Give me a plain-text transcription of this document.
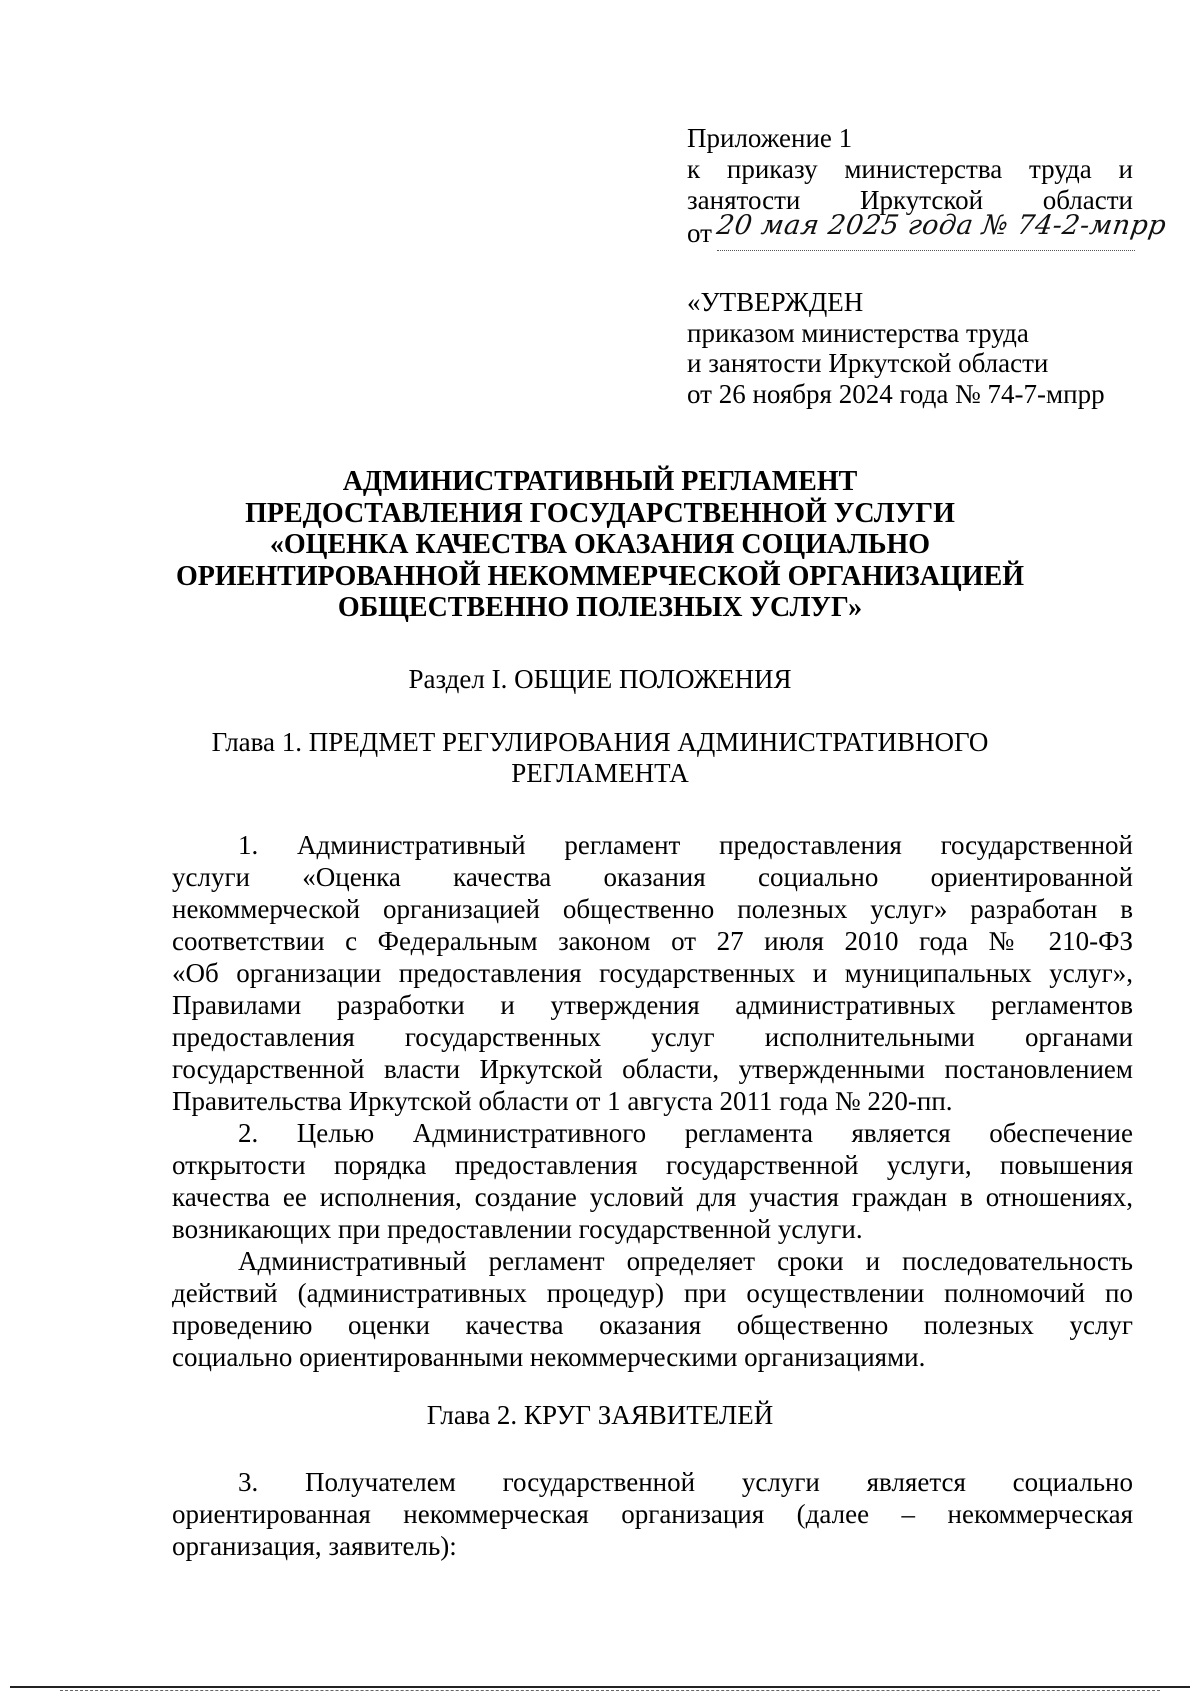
Приложение 1
к приказу министерства труда и
занятости Иркутской области
от 20 мая 2025 года № 74-2-мпрр
«УТВЕРЖДЕН
приказом министерства труда
и занятости Иркутской области
от 26 ноября 2024 года № 74-7-мпрр
АДМИНИСТРАТИВНЫЙ РЕГЛАМЕНТ
ПРЕДОСТАВЛЕНИЯ ГОСУДАРСТВЕННОЙ УСЛУГИ
«ОЦЕНКА КАЧЕСТВА ОКАЗАНИЯ СОЦИАЛЬНО
ОРИЕНТИРОВАННОЙ НЕКОММЕРЧЕСКОЙ ОРГАНИЗАЦИЕЙ
ОБЩЕСТВЕННО ПОЛЕЗНЫХ УСЛУГ»
Раздел I. ОБЩИЕ ПОЛОЖЕНИЯ
Глава 1. ПРЕДМЕТ РЕГУЛИРОВАНИЯ АДМИНИСТРАТИВНОГО
РЕГЛАМЕНТА
1. Административный регламент предоставления государственной
услуги «Оценка качества оказания социально ориентированной
некоммерческой организацией общественно полезных услуг» разработан в
соответствии с Федеральным законом от 27 июля 2010 года № 210-ФЗ
«Об организации предоставления государственных и муниципальных услуг»,
Правилами разработки и утверждения административных регламентов
предоставления государственных услуг исполнительными органами
государственной власти Иркутской области, утвержденными постановлением
Правительства Иркутской области от 1 августа 2011 года № 220-пп.
2. Целью Административного регламента является обеспечение
открытости порядка предоставления государственной услуги, повышения
качества ее исполнения, создание условий для участия граждан в отношениях,
возникающих при предоставлении государственной услуги.
Административный регламент определяет сроки и последовательность
действий (административных процедур) при осуществлении полномочий по
проведению оценки качества оказания общественно полезных услуг
социально ориентированными некоммерческими организациями.
Глава 2. КРУГ ЗАЯВИТЕЛЕЙ
3. Получателем государственной услуги является социально
ориентированная некоммерческая организация (далее – некоммерческая
организация, заявитель):
